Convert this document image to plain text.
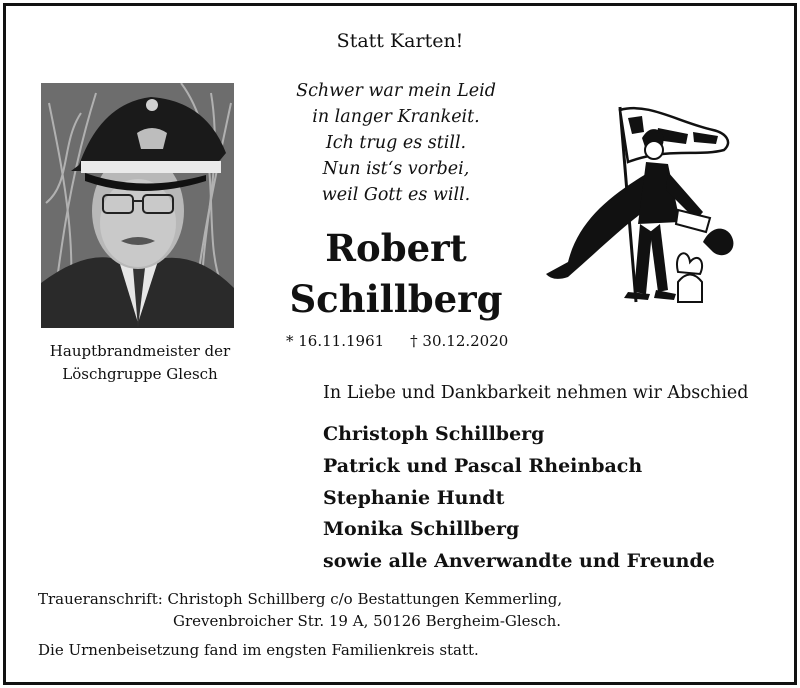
Statt Karten!
Hauptbrandmeister der
Löschgruppe Glesch
Schwer war mein Leid
in langer Krankeit.
Ich trug es still.
Nun ist‘s vorbei,
weil Gott es will.
Robert
Schillberg
* 16.11.1961 † 30.12.2020
In Liebe und Dankbarkeit nehmen wir Abschied
Christoph Schillberg
Patrick und Pascal Rheinbach
Stephanie Hundt
Monika Schillberg
sowie alle Anverwandte und Freunde
Traueranschrift: Christoph Schillberg c/o Bestattungen Kemmerling,
Grevenbroicher Str. 19 A, 50126 Bergheim-Glesch.
Die Urnenbeisetzung fand im engsten Familienkreis statt.
